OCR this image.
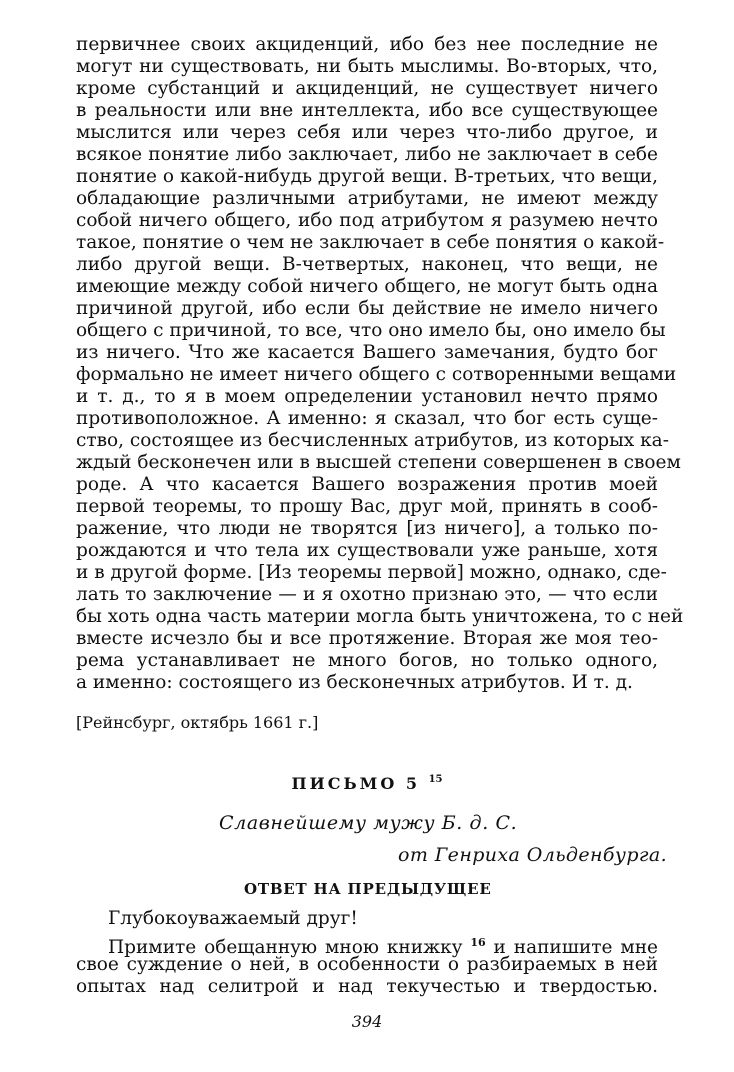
первичнее своих акциденций, ибо без нее последние не
могут ни существовать, ни быть мыслимы. Во-вторых, что,
кроме субстанций и акциденций, не существует ничего
в реальности или вне интеллекта, ибо все существующее
мыслится или через себя или через что-либо другое, и
всякое понятие либо заключает, либо не заключает в себе
понятие о какой-нибудь другой вещи. В-третьих, что вещи,
обладающие различными атрибутами, не имеют между
собой ничего общего, ибо под атрибутом я разумею нечто
такое, понятие о чем не заключает в себе понятия о какой-
либо другой вещи. В-четвертых, наконец, что вещи, не
имеющие между собой ничего общего, не могут быть одна
причиной другой, ибо если бы действие не имело ничего
общего с причиной, то все, что оно имело бы, оно имело бы
из ничего. Что же касается Вашего замечания, будто бог
формально не имеет ничего общего с сотворенными вещами
и т. д., то я в моем определении установил нечто прямо
противоположное. А именно: я сказал, что бог есть суще-
ство, состоящее из бесчисленных атрибутов, из которых ка-
ждый бесконечен или в высшей степени совершенен в своем
роде. А что касается Вашего возражения против моей
первой теоремы, то прошу Вас, друг мой, принять в сооб-
ражение, что люди не творятся [из ничего], а только по-
рождаются и что тела их существовали уже раньше, хотя
и в другой форме. [Из теоремы первой] можно, однако, сде-
лать то заключение — и я охотно признаю это, — что если
бы хоть одна часть материи могла быть уничтожена, то с ней
вместе исчезло бы и все протяжение. Вторая же моя тео-
рема устанавливает не много богов, но только одного,
а именно: состоящего из бесконечных атрибутов. И т. д.
[Рейнсбург, октябрь 1661 г.]
ПИСЬМО 5 $^{15}$
Славнейшему мужу Б. д. С.
от Генриха Ольденбурга.
ОТВЕТ НА ПРЕДЫДУЩЕЕ
Глубокоуважаемый друг!
Примите обещанную мною книжку $^{16}$ и напишите мне
свое суждение о ней, в особенности о разбираемых в ней
опытах над селитрой и над текучестью и твердостью.
394
